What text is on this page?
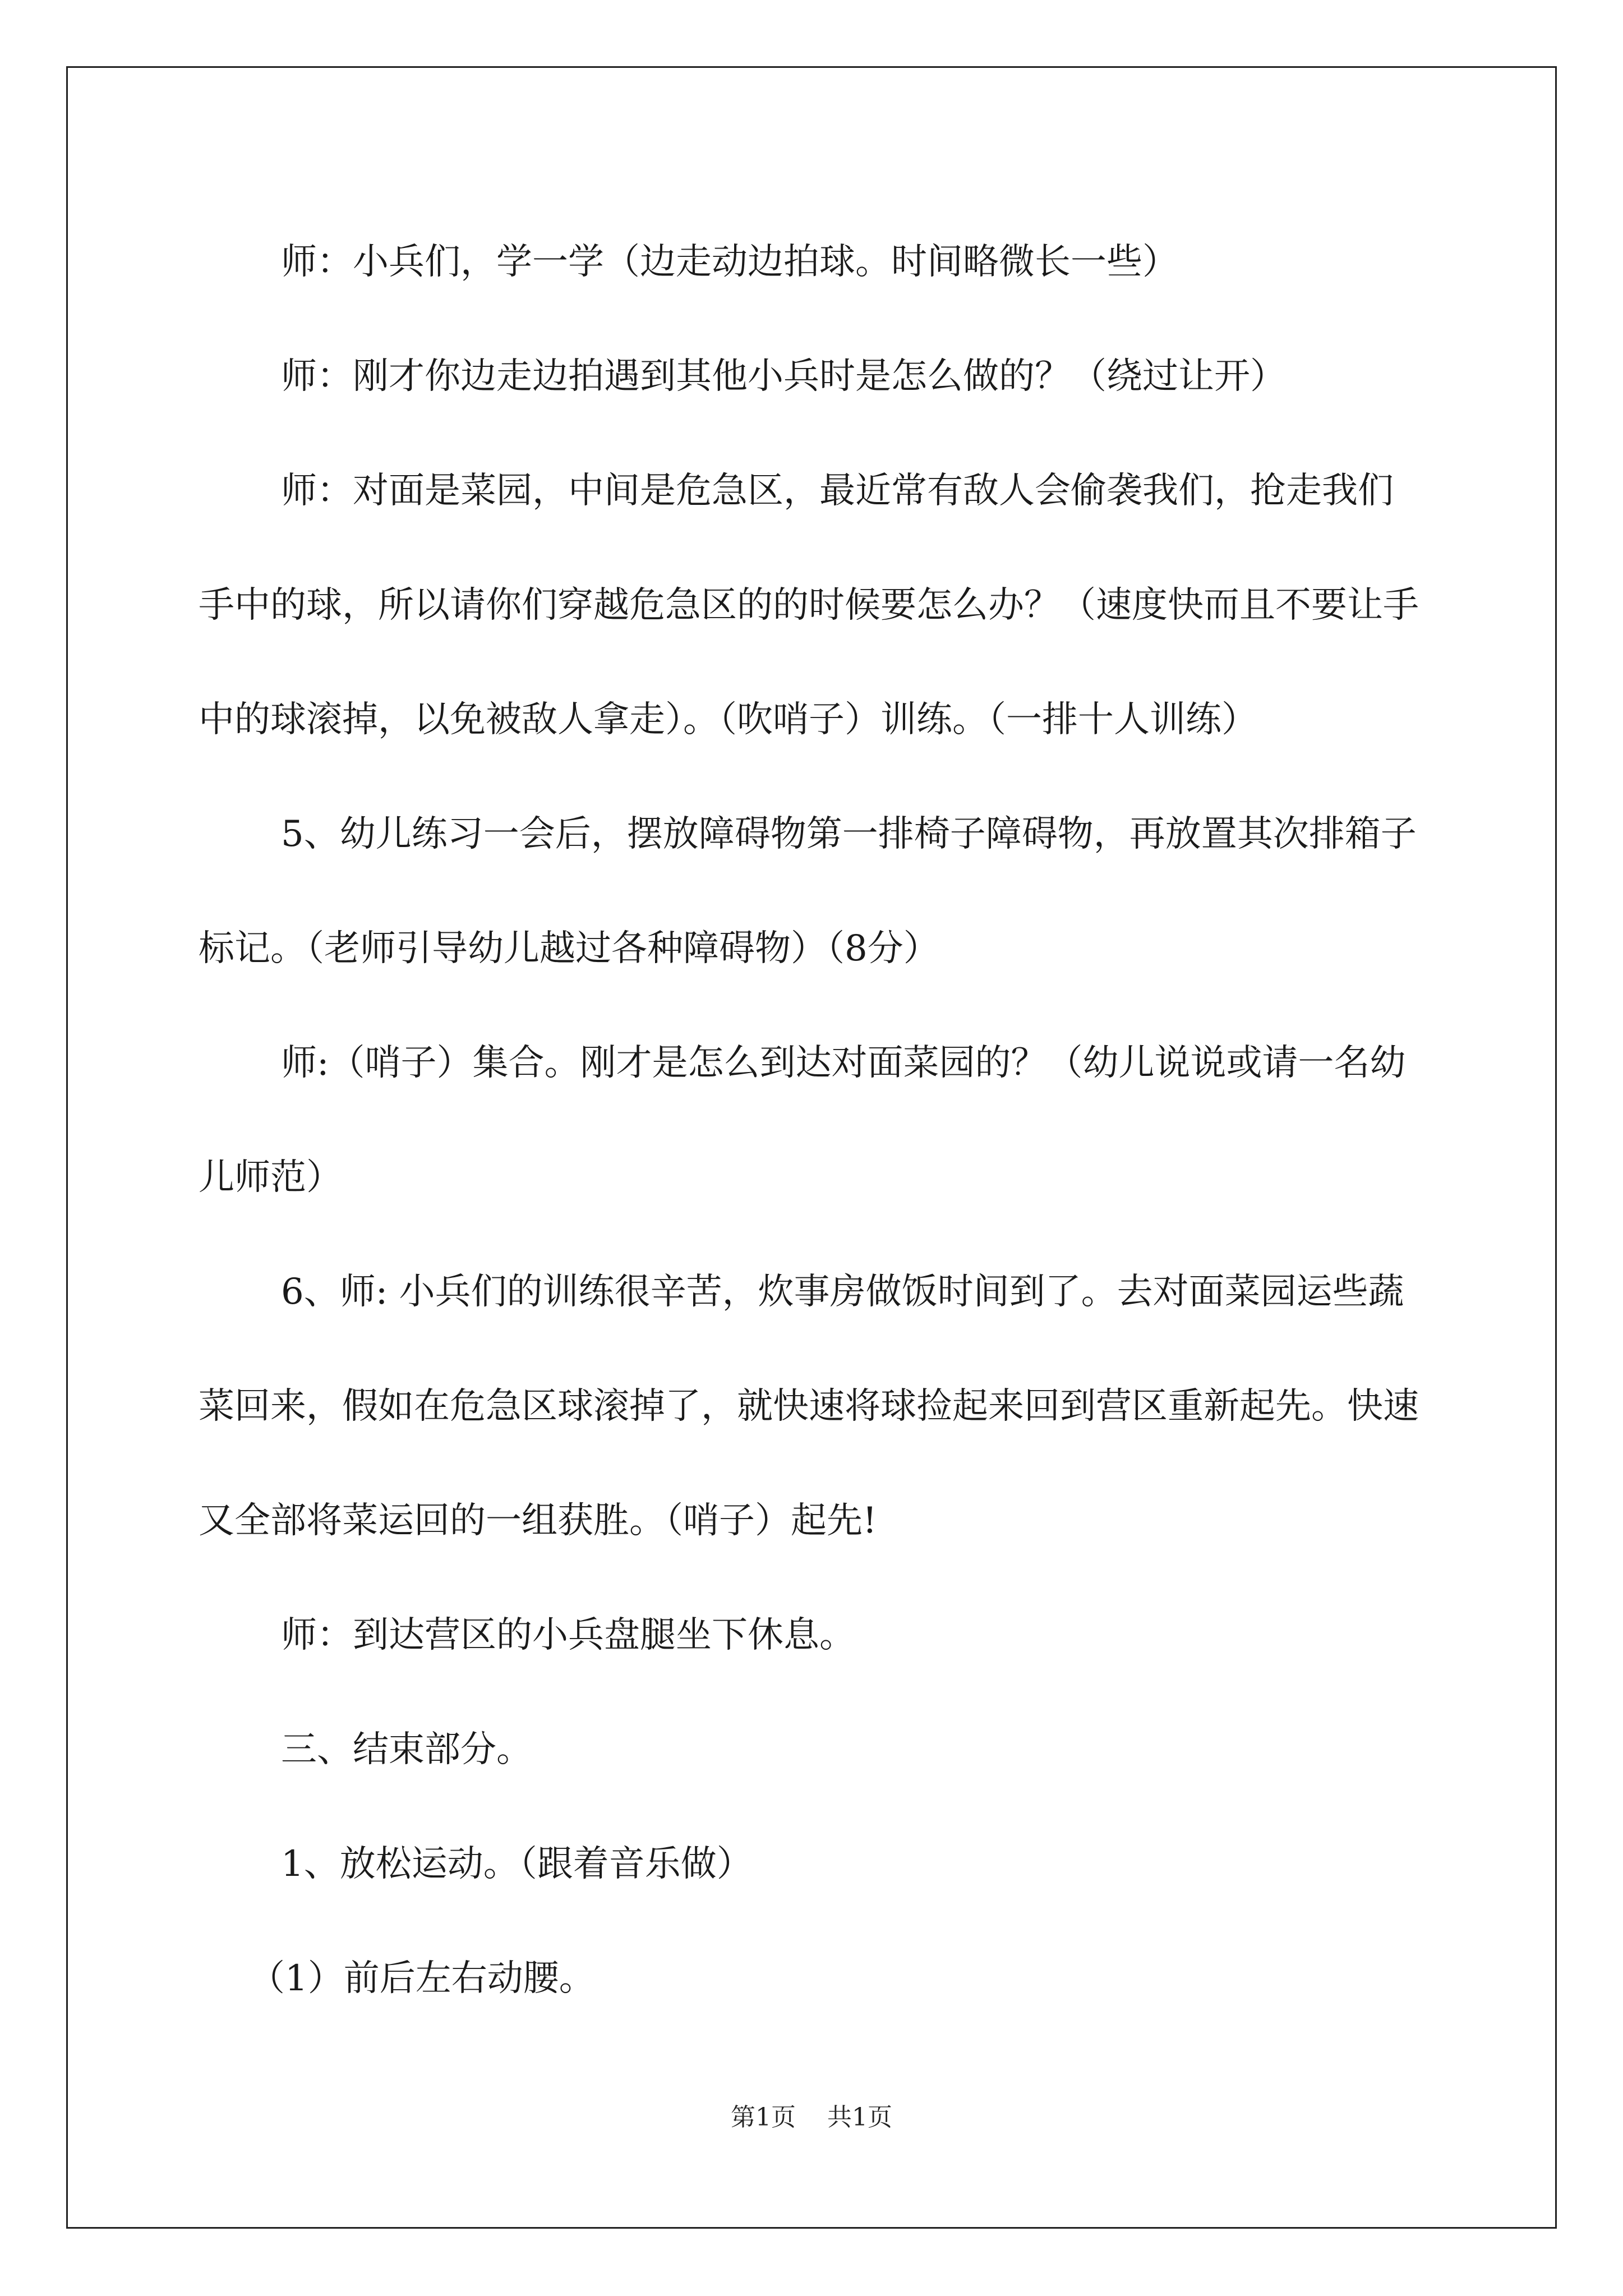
师：小兵们，学一学（边走动边拍球。时间略微长一些）

师：刚才你边走边拍遇到其他小兵时是怎么做的？（绕过让开）

师：对面是菜园，中间是危急区，最近常有敌人会偷袭我们，抢走我们手中的球，所以请你们穿越危急区的的时候要怎么办？（速度快而且不要让手中的球滚掉，以免被敌人拿走）。（吹哨子）训练。（一排十人训练）

5、幼儿练习一会后，摆放障碍物第一排椅子障碍物，再放置其次排箱子标记。（老师引导幼儿越过各种障碍物）（8分）

师:（哨子）集合。刚才是怎么到达对面菜园的？（幼儿说说或请一名幼儿师范）

6、师: 小兵们的训练很辛苦，炊事房做饭时间到了。去对面菜园运些蔬菜回来，假如在危急区球滚掉了，就快速将球捡起来回到营区重新起先。快速又全部将菜运回的一组获胜。（哨子）起先!

师：到达营区的小兵盘腿坐下休息。

三、结束部分。

1、放松运动。（跟着音乐做）

（1）前后左右动腰。

第1页 共1页
